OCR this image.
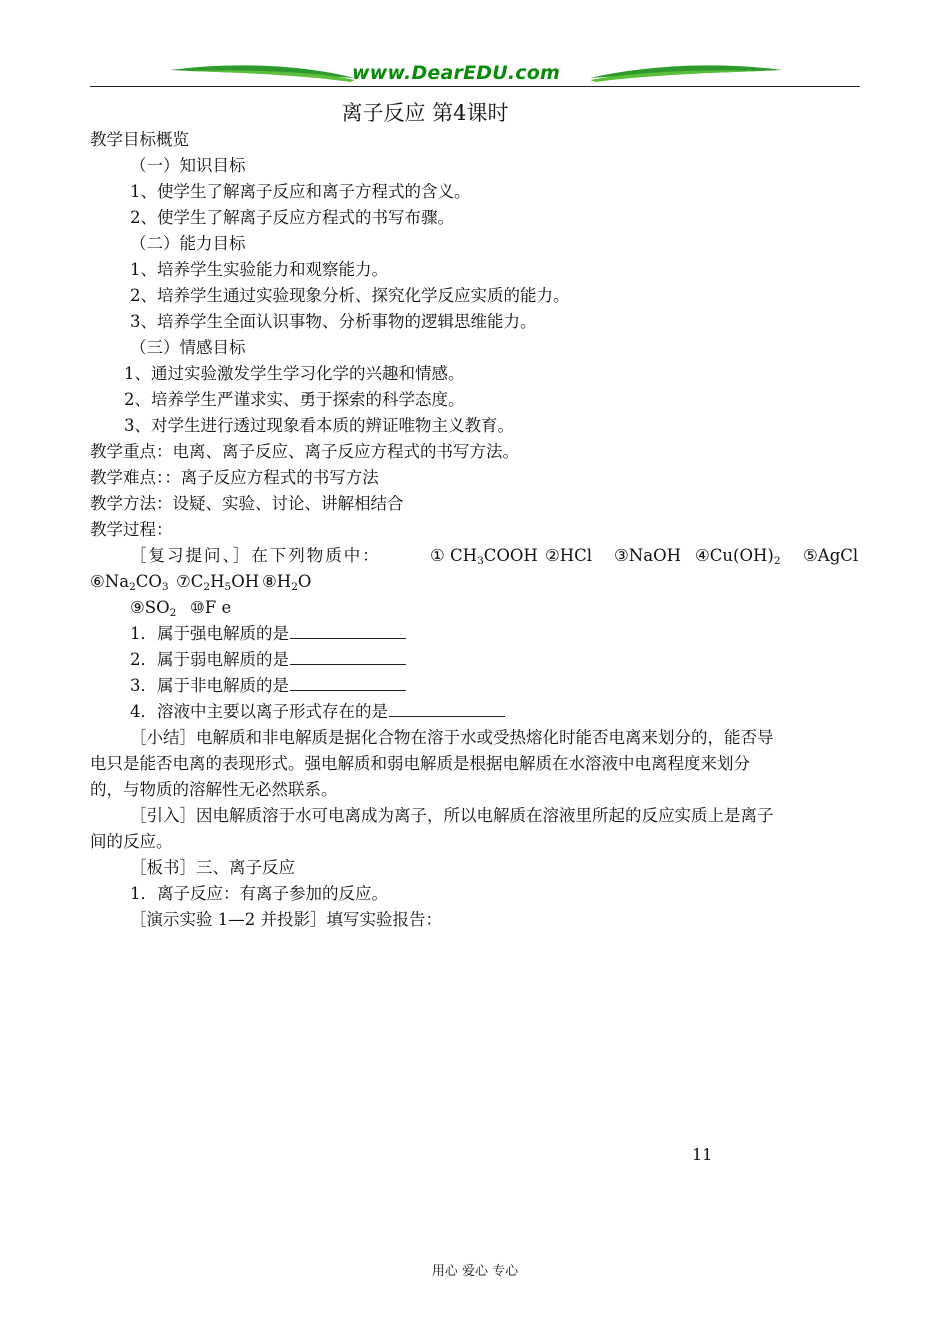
www.DearEDU.com
离子反应 第4课时
教学目标概览
（一）知识目标
1、使学生了解离子反应和离子方程式的含义。
2、使学生了解离子反应方程式的书写布骤。
（二）能力目标
1、培养学生实验能力和观察能力。
2、培养学生通过实验现象分析、探究化学反应实质的能力。
3、培养学生全面认识事物、分析事物的逻辑思维能力。
（三）情感目标
1、通过实验激发学生学习化学的兴趣和情感。
2、培养学生严谨求实、勇于探索的科学态度。
3、对学生进行透过现象看本质的辨证唯物主义教育。
教学重点：电离、离子反应、离子反应方程式的书写方法。
教学难点：：离子反应方程式的书写方法
教学方法：设疑、实验、讨论、讲解相结合
教学过程：
［复习提问、］在下列物质中：	① $CH_3COOH$ ②HCl ③NaOH $④Cu(OH)_2$ ⑤AgCl
$⑥Na_2CO_3$ $⑦C_2H_5OH$ $⑧H_2O$
$⑨SO_2$ ⑩F e
1．属于强电解质的是
2．属于弱电解质的是
3．属于非电解质的是
4．溶液中主要以离子形式存在的是
［小结］电解质和非电解质是据化合物在溶于水或受热熔化时能否电离来划分的，能否导
电只是能否电离的表现形式。强电解质和弱电解质是根据电解质在水溶液中电离程度来划分
的，与物质的溶解性无必然联系。
［引入］因电解质溶于水可电离成为离子，所以电解质在溶液里所起的反应实质上是离子
间的反应。
［板书］三、离子反应
1．离子反应：有离子参加的反应。
［演示实验 1—2 并投影］填写实验报告：
11
用心 爱心 专心
